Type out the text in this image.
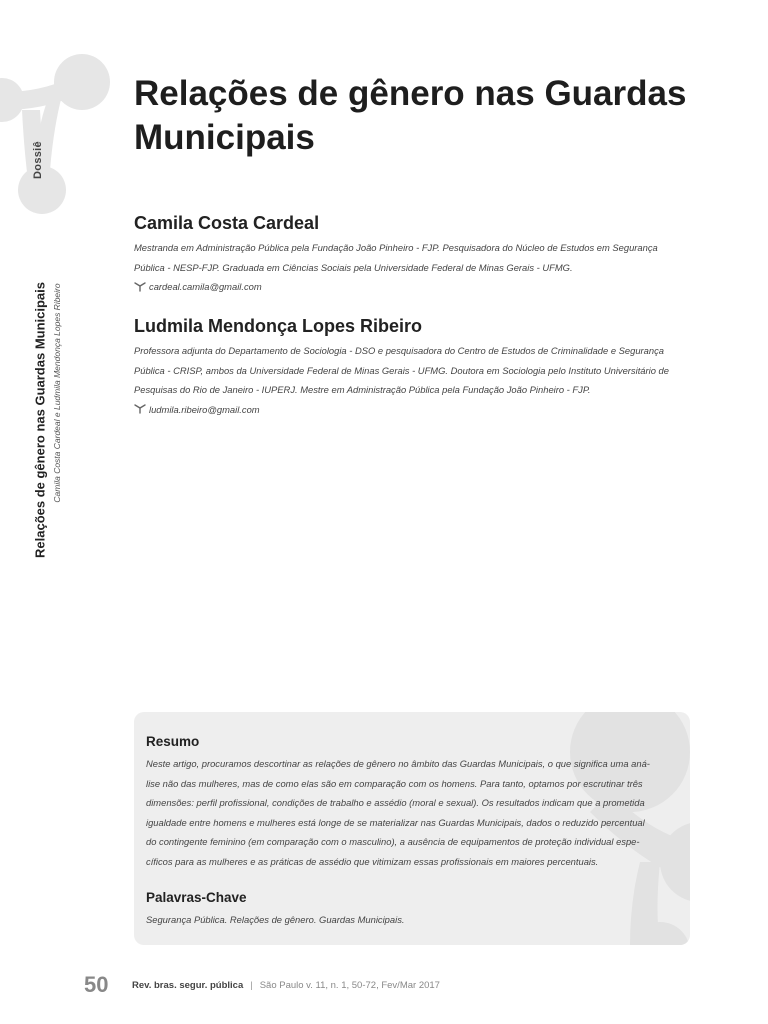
Dossiê
Relações de gênero nas Guardas Municipais Camila Costa Cardeal e Ludmila Mendonça Lopes Ribeiro
Relações de gênero nas Guardas
Municipais

Camila Costa Cardeal

Mestranda em Administração Pública pela Fundação João Pinheiro - FJP. Pesquisadora do Núcleo de Estudos em Segurança
Pública - NESP-FJP. Graduada em Ciências Sociais pela Universidade Federal de Minas Gerais - UFMG.

cardeal.camila@gmail.com

Ludmila Mendonça Lopes Ribeiro

Professora adjunta do Departamento de Sociologia - DSO e pesquisadora do Centro de Estudos de Criminalidade e Segurança
Pública - CRISP, ambos da Universidade Federal de Minas Gerais - UFMG. Doutora em Sociologia pelo Instituto Universitário de
Pesquisas do Rio de Janeiro - IUPERJ. Mestre em Administração Pública pela Fundação João Pinheiro - FJP.

ludmila.ribeiro@gmail.com

Resumo

Neste artigo, procuramos descortinar as relações de gênero no âmbito das Guardas Municipais, o que significa uma aná-
lise não das mulheres, mas de como elas são em comparação com os homens. Para tanto, optamos por escrutinar três
dimensões: perfil profissional, condições de trabalho e assédio (moral e sexual). Os resultados indicam que a prometida
igualdade entre homens e mulheres está longe de se materializar nas Guardas Municipais, dados o reduzido percentual
do contingente feminino (em comparação com o masculino), a ausência de equipamentos de proteção individual espe-
cíficos para as mulheres e as práticas de assédio que vitimizam essas profissionais em maiores percentuais.

Palavras-Chave

Segurança Pública. Relações de gênero. Guardas Municipais.

50	Rev. bras. segur. pública | São Paulo v. 11, n. 1, 50-72, Fev/Mar 2017
